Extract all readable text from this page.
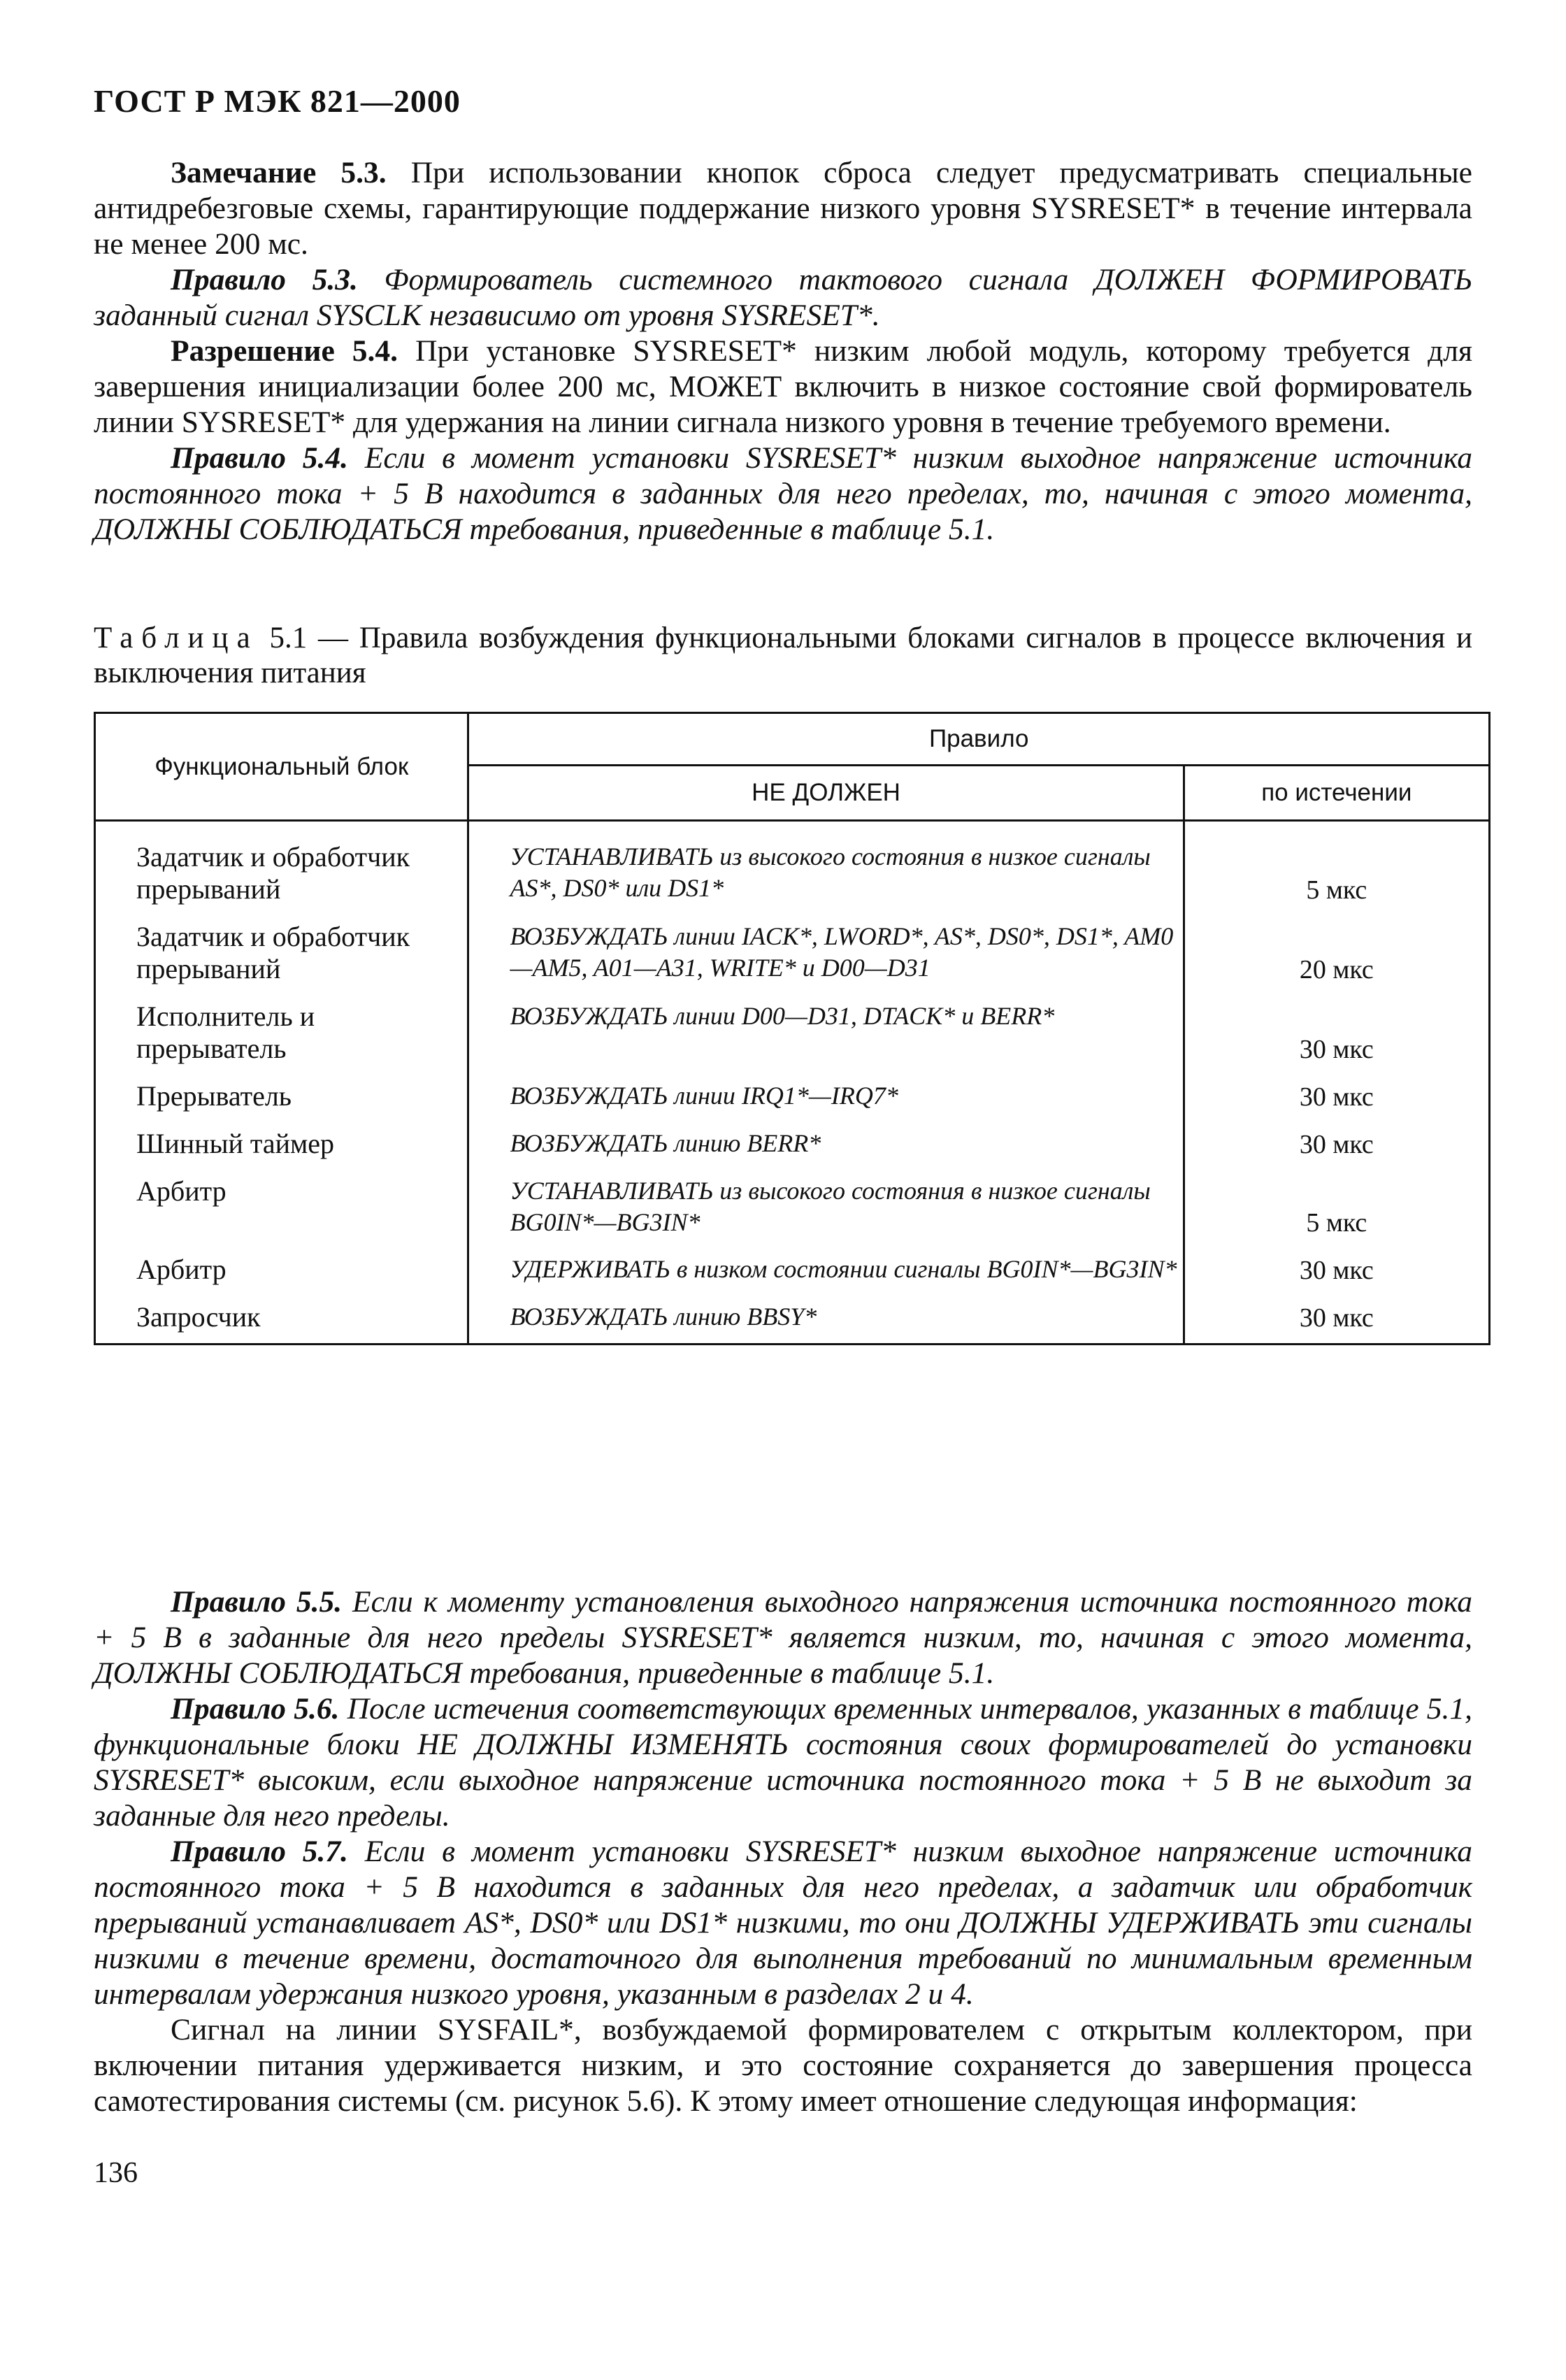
ГОСТ Р МЭК 821—2000

Замечание 5.3. При использовании кнопок сброса следует предусматривать специальные антидребезговые схемы, гарантирующие поддержание низкого уровня SYSRESET* в течение интервала не менее 200 мс.

Правило 5.3. Формирователь системного тактового сигнала ДОЛЖЕН ФОРМИРОВАТЬ заданный сигнал SYSCLK независимо от уровня SYSRESET*.

Разрешение 5.4. При установке SYSRESET* низким любой модуль, которому требуется для завершения инициализации более 200 мс, МОЖЕТ включить в низкое состояние свой формирователь линии SYSRESET* для удержания на линии сигнала низкого уровня в течение требуемого времени.

Правило 5.4. Если в момент установки SYSRESET* низким выходное напряжение источника постоянного тока + 5 В находится в заданных для него пределах, то, начиная с этого момента, ДОЛЖНЫ СОБЛЮДАТЬСЯ требования, приведенные в таблице 5.1.

Таблица 5.1 — Правила возбуждения функциональными блоками сигналов в процессе включения и выключения питания
Функциональный блок	Правило	
	НЕ ДОЛЖЕН	по истечении
Задатчик и обработчик прерываний	УСТАНАВЛИВАТЬ из высокого состояния в низкое сигналы AS*, DS0* или DS1*	5 мкс
Задатчик и обработчик прерываний	ВОЗБУЖДАТЬ линии IACK*, LWORD*, AS*, DS0*, DS1*, AM0—AM5, A01—A31, WRITE* и D00—D31	20 мкс
Исполнитель и прерыватель	ВОЗБУЖДАТЬ линии D00—D31, DTACK* и BERR*	30 мкс
Прерыватель	ВОЗБУЖДАТЬ линии IRQ1*—IRQ7*	30 мкс
Шинный таймер	ВОЗБУЖДАТЬ линию BERR*	30 мкс
Арбитр	УСТАНАВЛИВАТЬ из высокого состояния в низкое сигналы BG0IN*—BG3IN*	5 мкс
Арбитр	УДЕРЖИВАТЬ в низком состоянии сигналы BG0IN*—BG3IN*	30 мкс
Запросчик	ВОЗБУЖДАТЬ линию BBSY*	30 мкс

Правило 5.5. Если к моменту установления выходного напряжения источника постоянного тока + 5 В в заданные для него пределы SYSRESET* является низким, то, начиная с этого момента, ДОЛЖНЫ СОБЛЮДАТЬСЯ требования, приведенные в таблице 5.1.

Правило 5.6. После истечения соответствующих временных интервалов, указанных в таблице 5.1, функциональные блоки НЕ ДОЛЖНЫ ИЗМЕНЯТЬ состояния своих формирователей до установки SYSRESET* высоким, если выходное напряжение источника постоянного тока + 5 В не выходит за заданные для него пределы.

Правило 5.7. Если в момент установки SYSRESET* низким выходное напряжение источника постоянного тока + 5 В находится в заданных для него пределах, а задатчик или обработчик прерываний устанавливает AS*, DS0* или DS1* низкими, то они ДОЛЖНЫ УДЕРЖИВАТЬ эти сигналы низкими в течение времени, достаточного для выполнения требований по минимальным временным интервалам удержания низкого уровня, указанным в разделах 2 и 4.

Сигнал на линии SYSFAIL*, возбуждаемой формирователем с открытым коллектором, при включении питания удерживается низким, и это состояние сохраняется до завершения процесса самотестирования системы (см. рисунок 5.6). К этому имеет отношение следующая информация:

136
